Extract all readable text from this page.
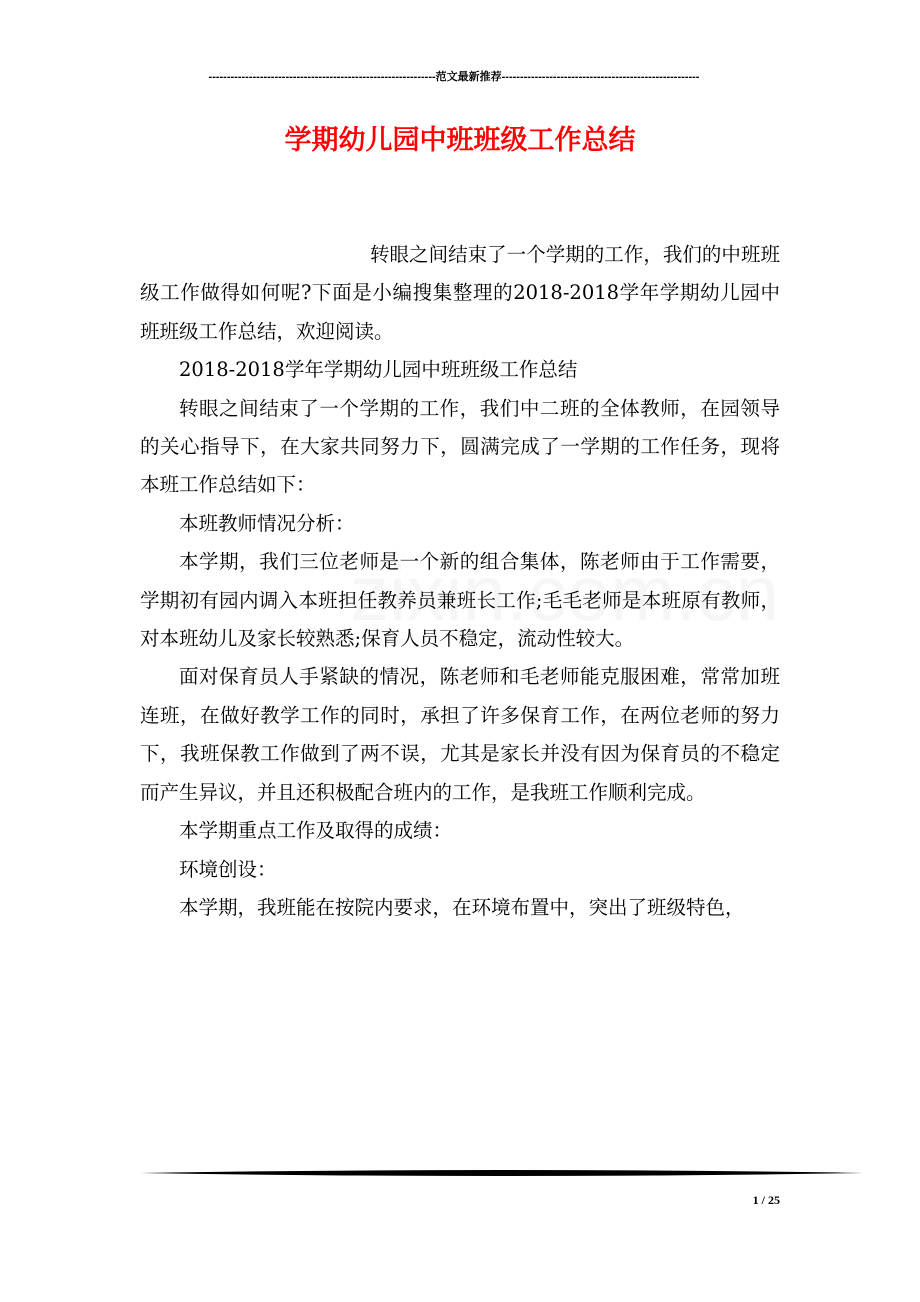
--------------------------------------------------------------范文最新推荐------------------------------------------------------
学期幼儿园中班班级工作总结

转眼之间结束了一个学期的工作，我们的中班班级工作做得如何呢?下面是小编搜集整理的2018-2018学年学期幼儿园中班班级工作总结，欢迎阅读。

2018-2018学年学期幼儿园中班班级工作总结

转眼之间结束了一个学期的工作，我们中二班的全体教师，在园领导的关心指导下，在大家共同努力下，圆满完成了一学期的工作任务，现将本班工作总结如下：

本班教师情况分析：

本学期，我们三位老师是一个新的组合集体，陈老师由于工作需要，学期初有园内调入本班担任教养员兼班长工作;毛毛老师是本班原有教师，对本班幼儿及家长较熟悉;保育人员不稳定，流动性较大。

面对保育员人手紧缺的情况，陈老师和毛老师能克服困难，常常加班连班，在做好教学工作的同时，承担了许多保育工作，在两位老师的努力下，我班保教工作做到了两不误，尤其是家长并没有因为保育员的不稳定而产生异议，并且还积极配合班内的工作，是我班工作顺利完成。

本学期重点工作及取得的成绩：

环境创设：

本学期，我班能在按院内要求，在环境布置中，突出了班级特色，

1 / 25
